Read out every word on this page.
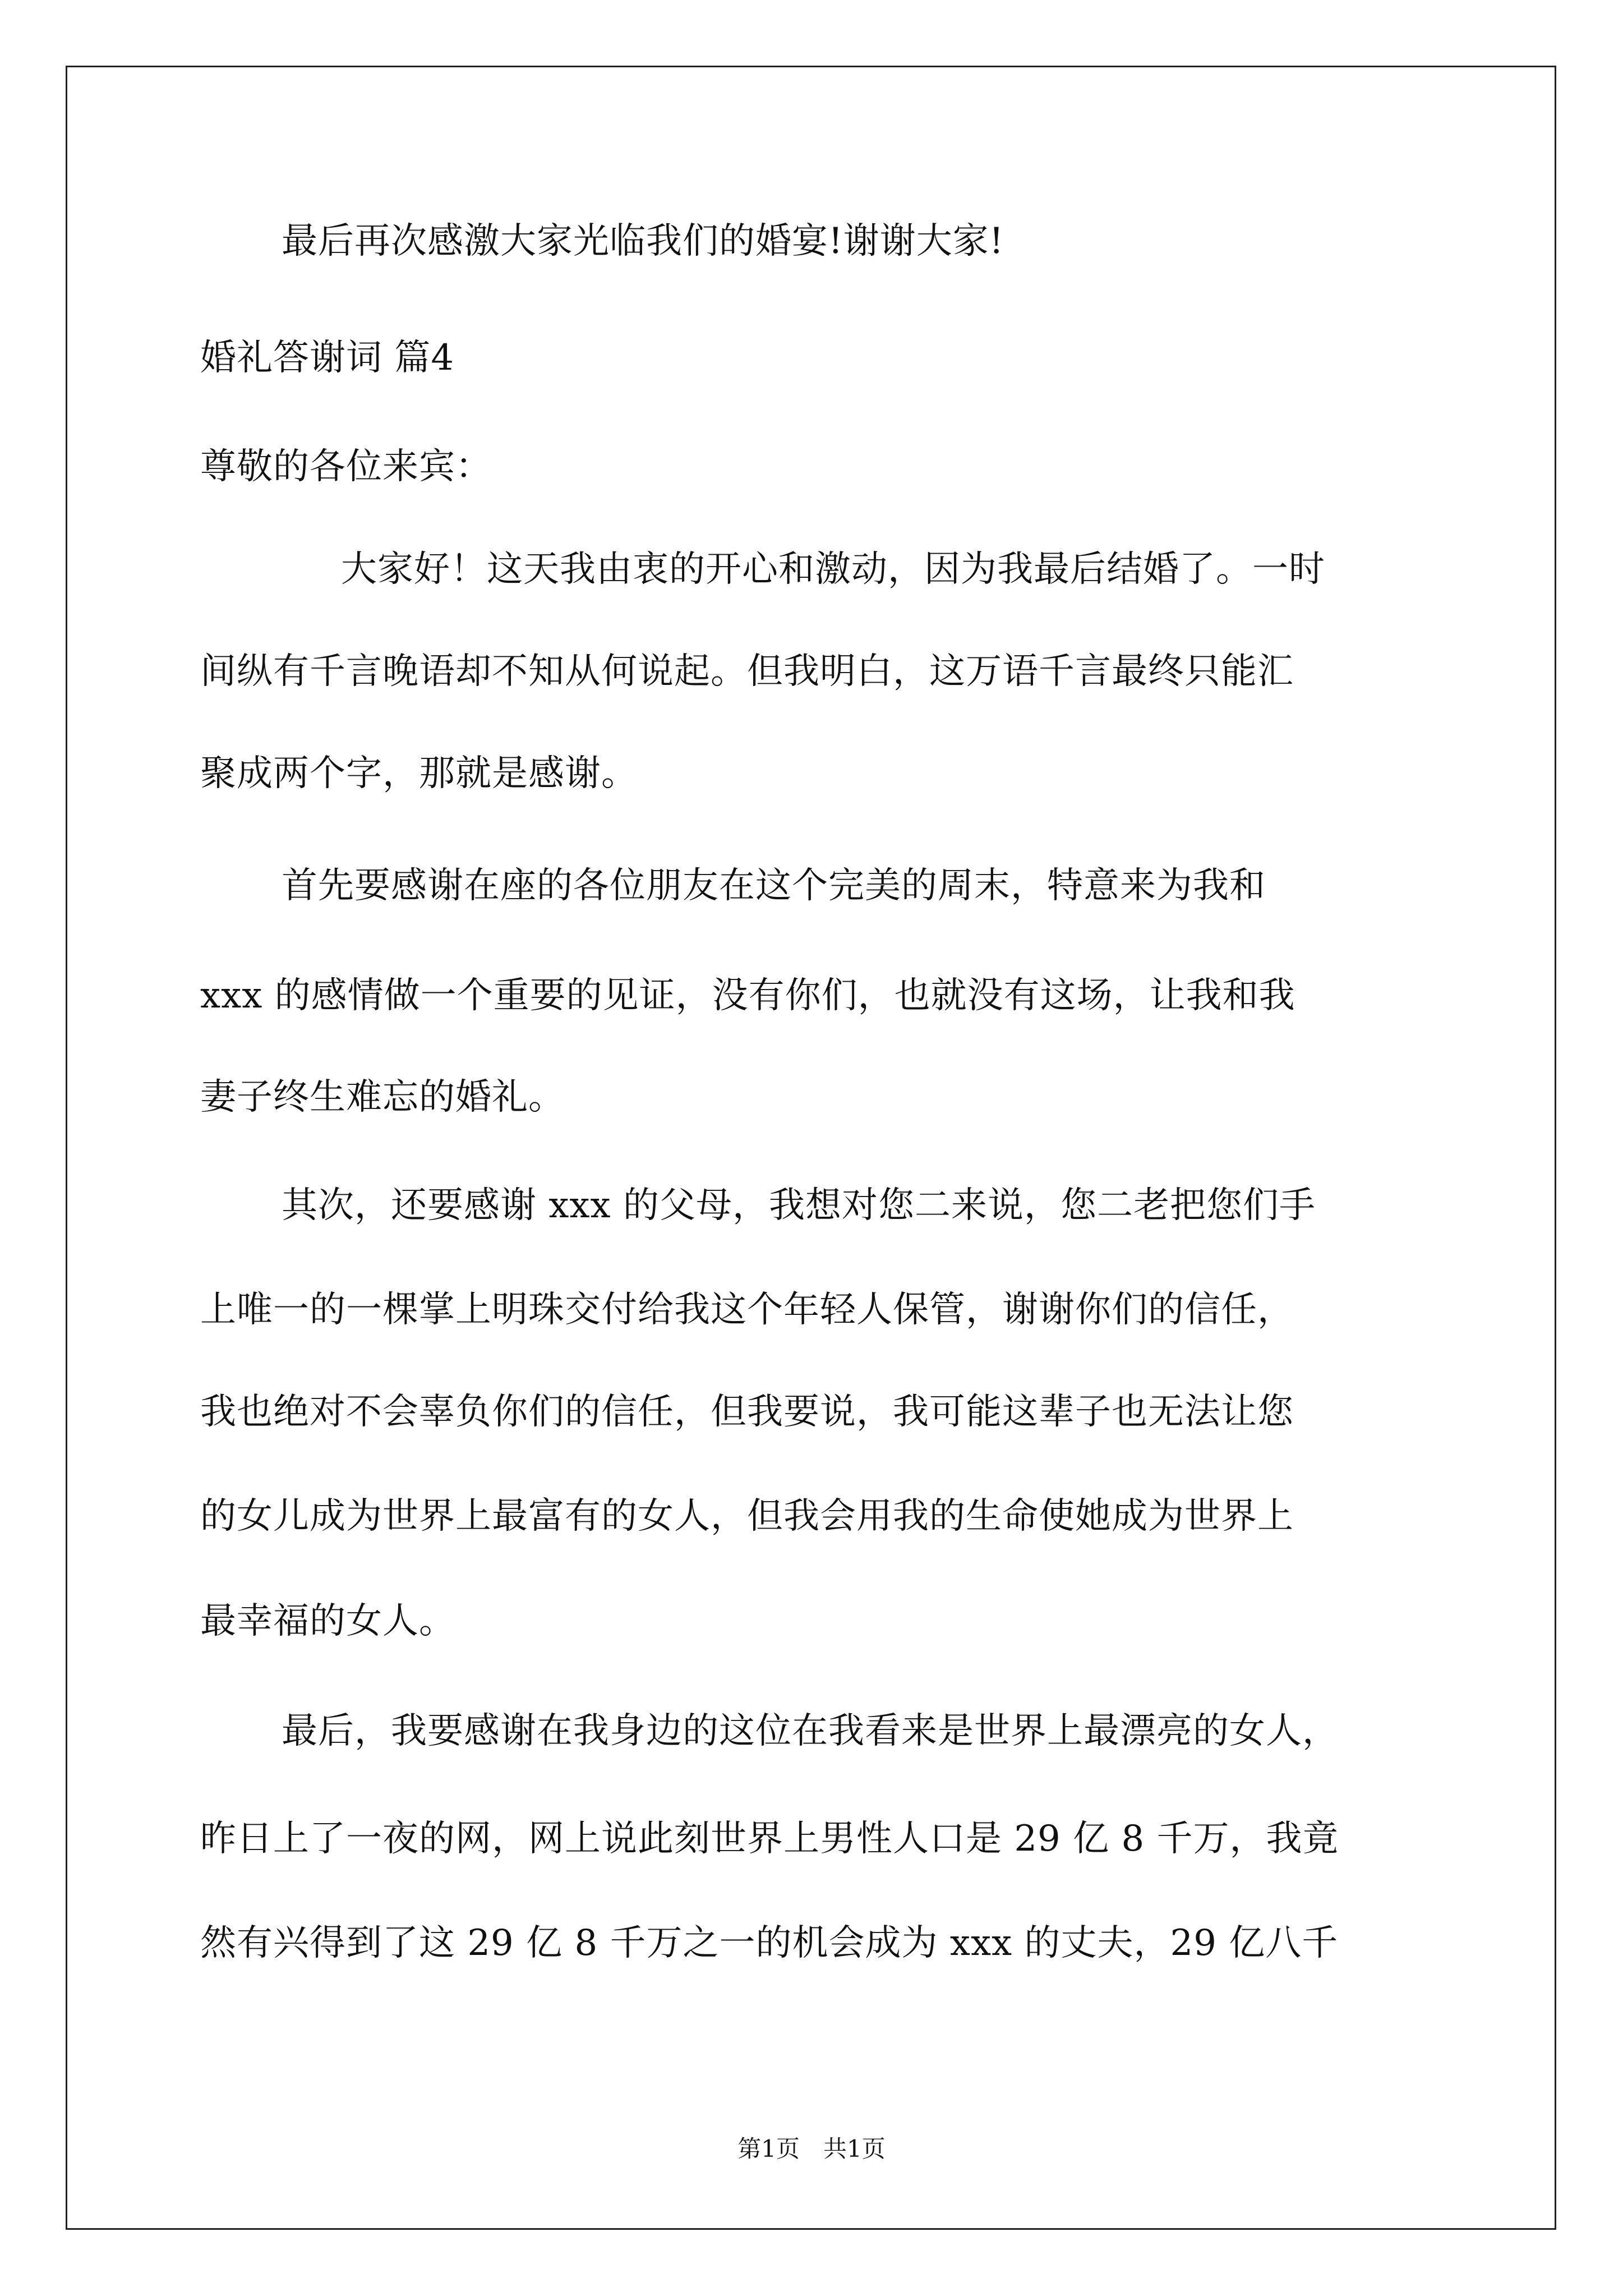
最后再次感激大家光临我们的婚宴!谢谢大家!
婚礼答谢词 篇4
尊敬的各位来宾：
大家好！这天我由衷的开心和激动，因为我最后结婚了。一时
间纵有千言晚语却不知从何说起。但我明白，这万语千言最终只能汇
聚成两个字，那就是感谢。
首先要感谢在座的各位朋友在这个完美的周末，特意来为我和
xxx 的感情做一个重要的见证，没有你们，也就没有这场，让我和我
妻子终生难忘的婚礼。
其次，还要感谢 xxx 的父母，我想对您二来说，您二老把您们手
上唯一的一棵掌上明珠交付给我这个年轻人保管，谢谢你们的信任，
我也绝对不会辜负你们的信任，但我要说，我可能这辈子也无法让您
的女儿成为世界上最富有的女人，但我会用我的生命使她成为世界上
最幸福的女人。
最后，我要感谢在我身边的这位在我看来是世界上最漂亮的女人，
昨日上了一夜的网，网上说此刻世界上男性人口是 29 亿 8 千万，我竟
然有兴得到了这 29 亿 8 千万之一的机会成为 xxx 的丈夫，29 亿八千
第1页　共1页
